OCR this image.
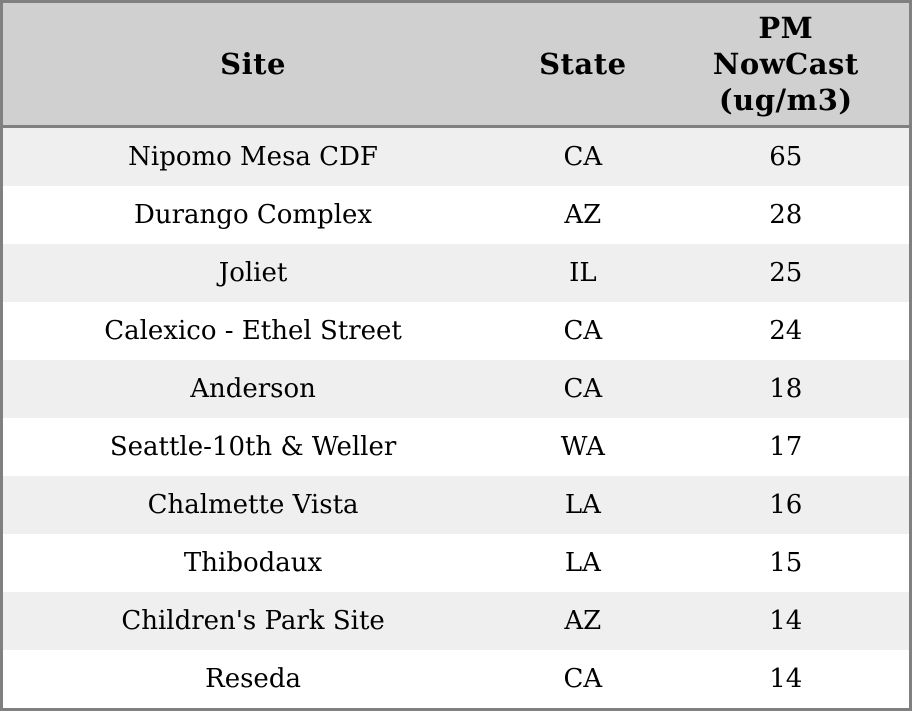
Site	State	PM
NowCast
(ug/m3)

Nipomo Mesa CDF	CA	65
Durango Complex	AZ	28
Joliet	IL	25
Calexico - Ethel Street	CA	24
Anderson	CA	18
Seattle-10th & Weller	WA	17
Chalmette Vista	LA	16
Thibodaux	LA	15
Children's Park Site	AZ	14
Reseda	CA	14
